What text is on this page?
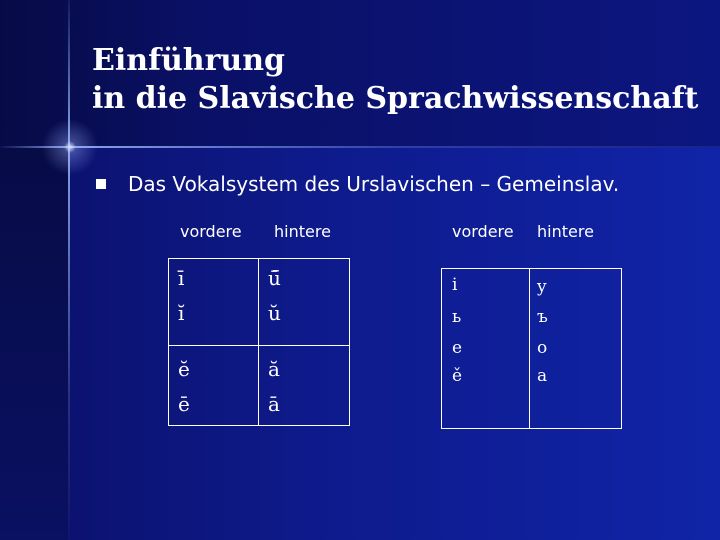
Einführung
in die Slavische Sprachwissenschaft
Das Vokalsystem des Urslavischen – Gemeinslav.
vordere hintere
ī	ū̄
ĭ	ŭ
ĕ	ă
ē	ā
vordere hintere
i	y
ь	ъ
e	o
ě	a
